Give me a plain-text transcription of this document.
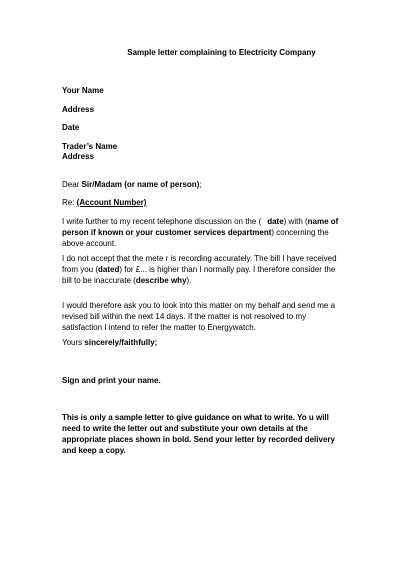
Sample letter complaining to Electricity Company
Your Name
Address
Date
Trader’s Name
Address
Dear Sir/Madam (or name of person);
Re: (Account Number)
I write further to my recent telephone discussion on the ( date) with (name of
person if known or your customer services department) concerning the
above account.
I do not accept that the mete r is recording accurately. The bill I have received
from you (dated) for £... is higher than I normally pay. I therefore consider the
bill to be inaccurate (describe why).
I would therefore ask you to look into this matter on my behalf and send me a
revised bill within the next 14 days. If the matter is not resolved to my
satisfaction I intend to refer the matter to Energywatch.
Yours sincerely/faithfully;
Sign and print your name.
This is only a sample letter to give guidance on what to write. Yo u will
need to write the letter out and substitute your own details at the
appropriate places shown in bold. Send your letter by recorded delivery
and keep a copy.
